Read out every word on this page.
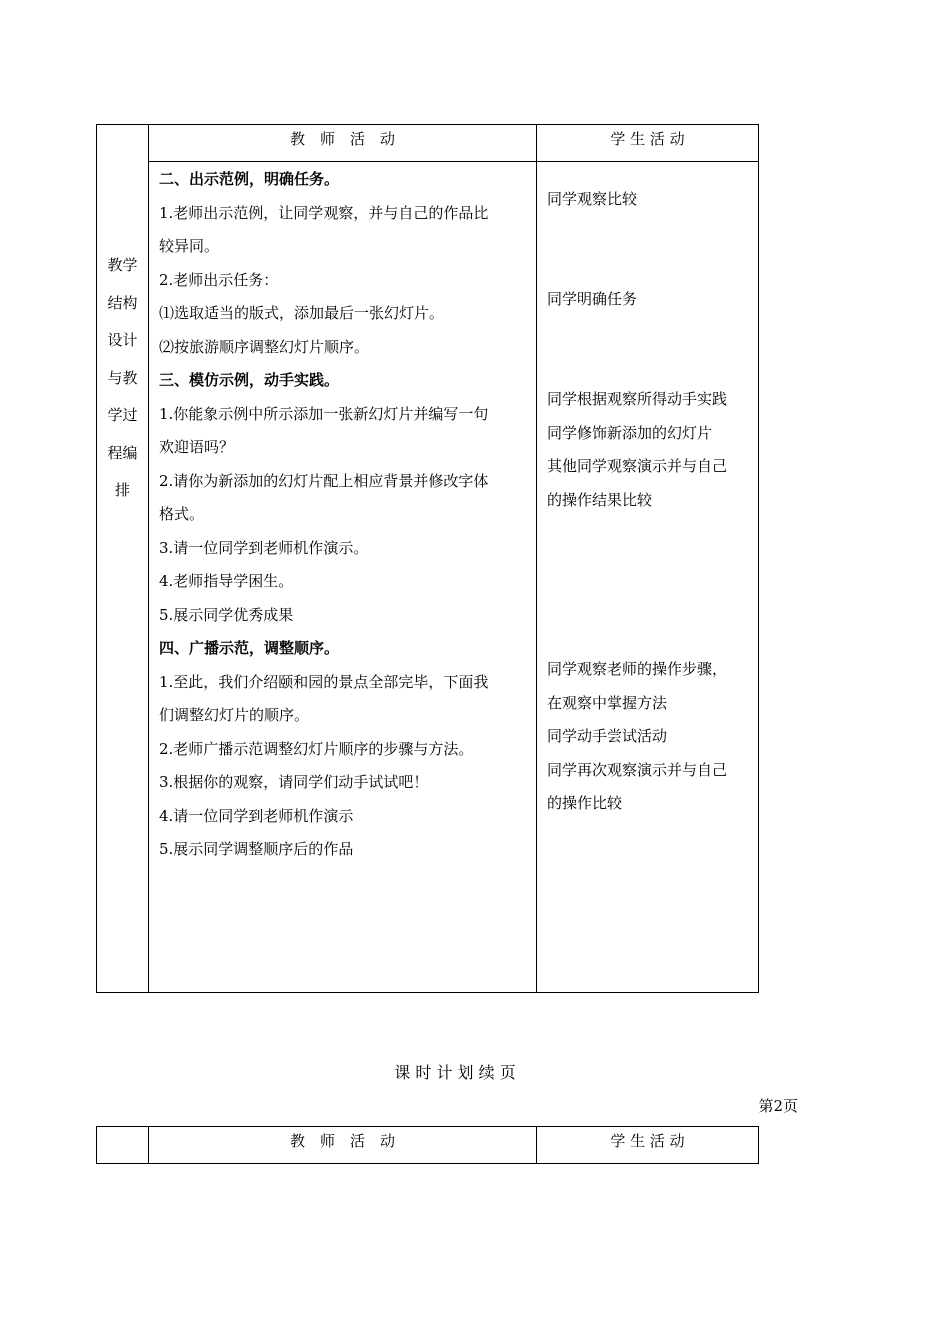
教　师　活　动	学 生 活 动
教学
结构
设计
与教
学过
程编
排
二、出示范例，明确任务。
1.老师出示范例，让同学观察，并与自己的作品比
较异同。
2.老师出示任务：
⑴选取适当的版式，添加最后一张幻灯片。
⑵按旅游顺序调整幻灯片顺序。
三、模仿示例，动手实践。
1.你能象示例中所示添加一张新幻灯片并编写一句
欢迎语吗？
2.请你为新添加的幻灯片配上相应背景并修改字体
格式。
3.请一位同学到老师机作演示。
4.老师指导学困生。
5.展示同学优秀成果
四、广播示范，调整顺序。
1.至此，我们介绍颐和园的景点全部完毕，下面我
们调整幻灯片的顺序。
2.老师广播示范调整幻灯片顺序的步骤与方法。
3.根据你的观察，请同学们动手试试吧！
4.请一位同学到老师机作演示
5.展示同学调整顺序后的作品
同学观察比较
同学明确任务
同学根据观察所得动手实践
同学修饰新添加的幻灯片
其他同学观察演示并与自己
的操作结果比较
同学观察老师的操作步骤，
在观察中掌握方法
同学动手尝试活动
同学再次观察演示并与自己
的操作比较
课 时 计 划 续 页
第2页
教　师　活　动	学 生 活 动
